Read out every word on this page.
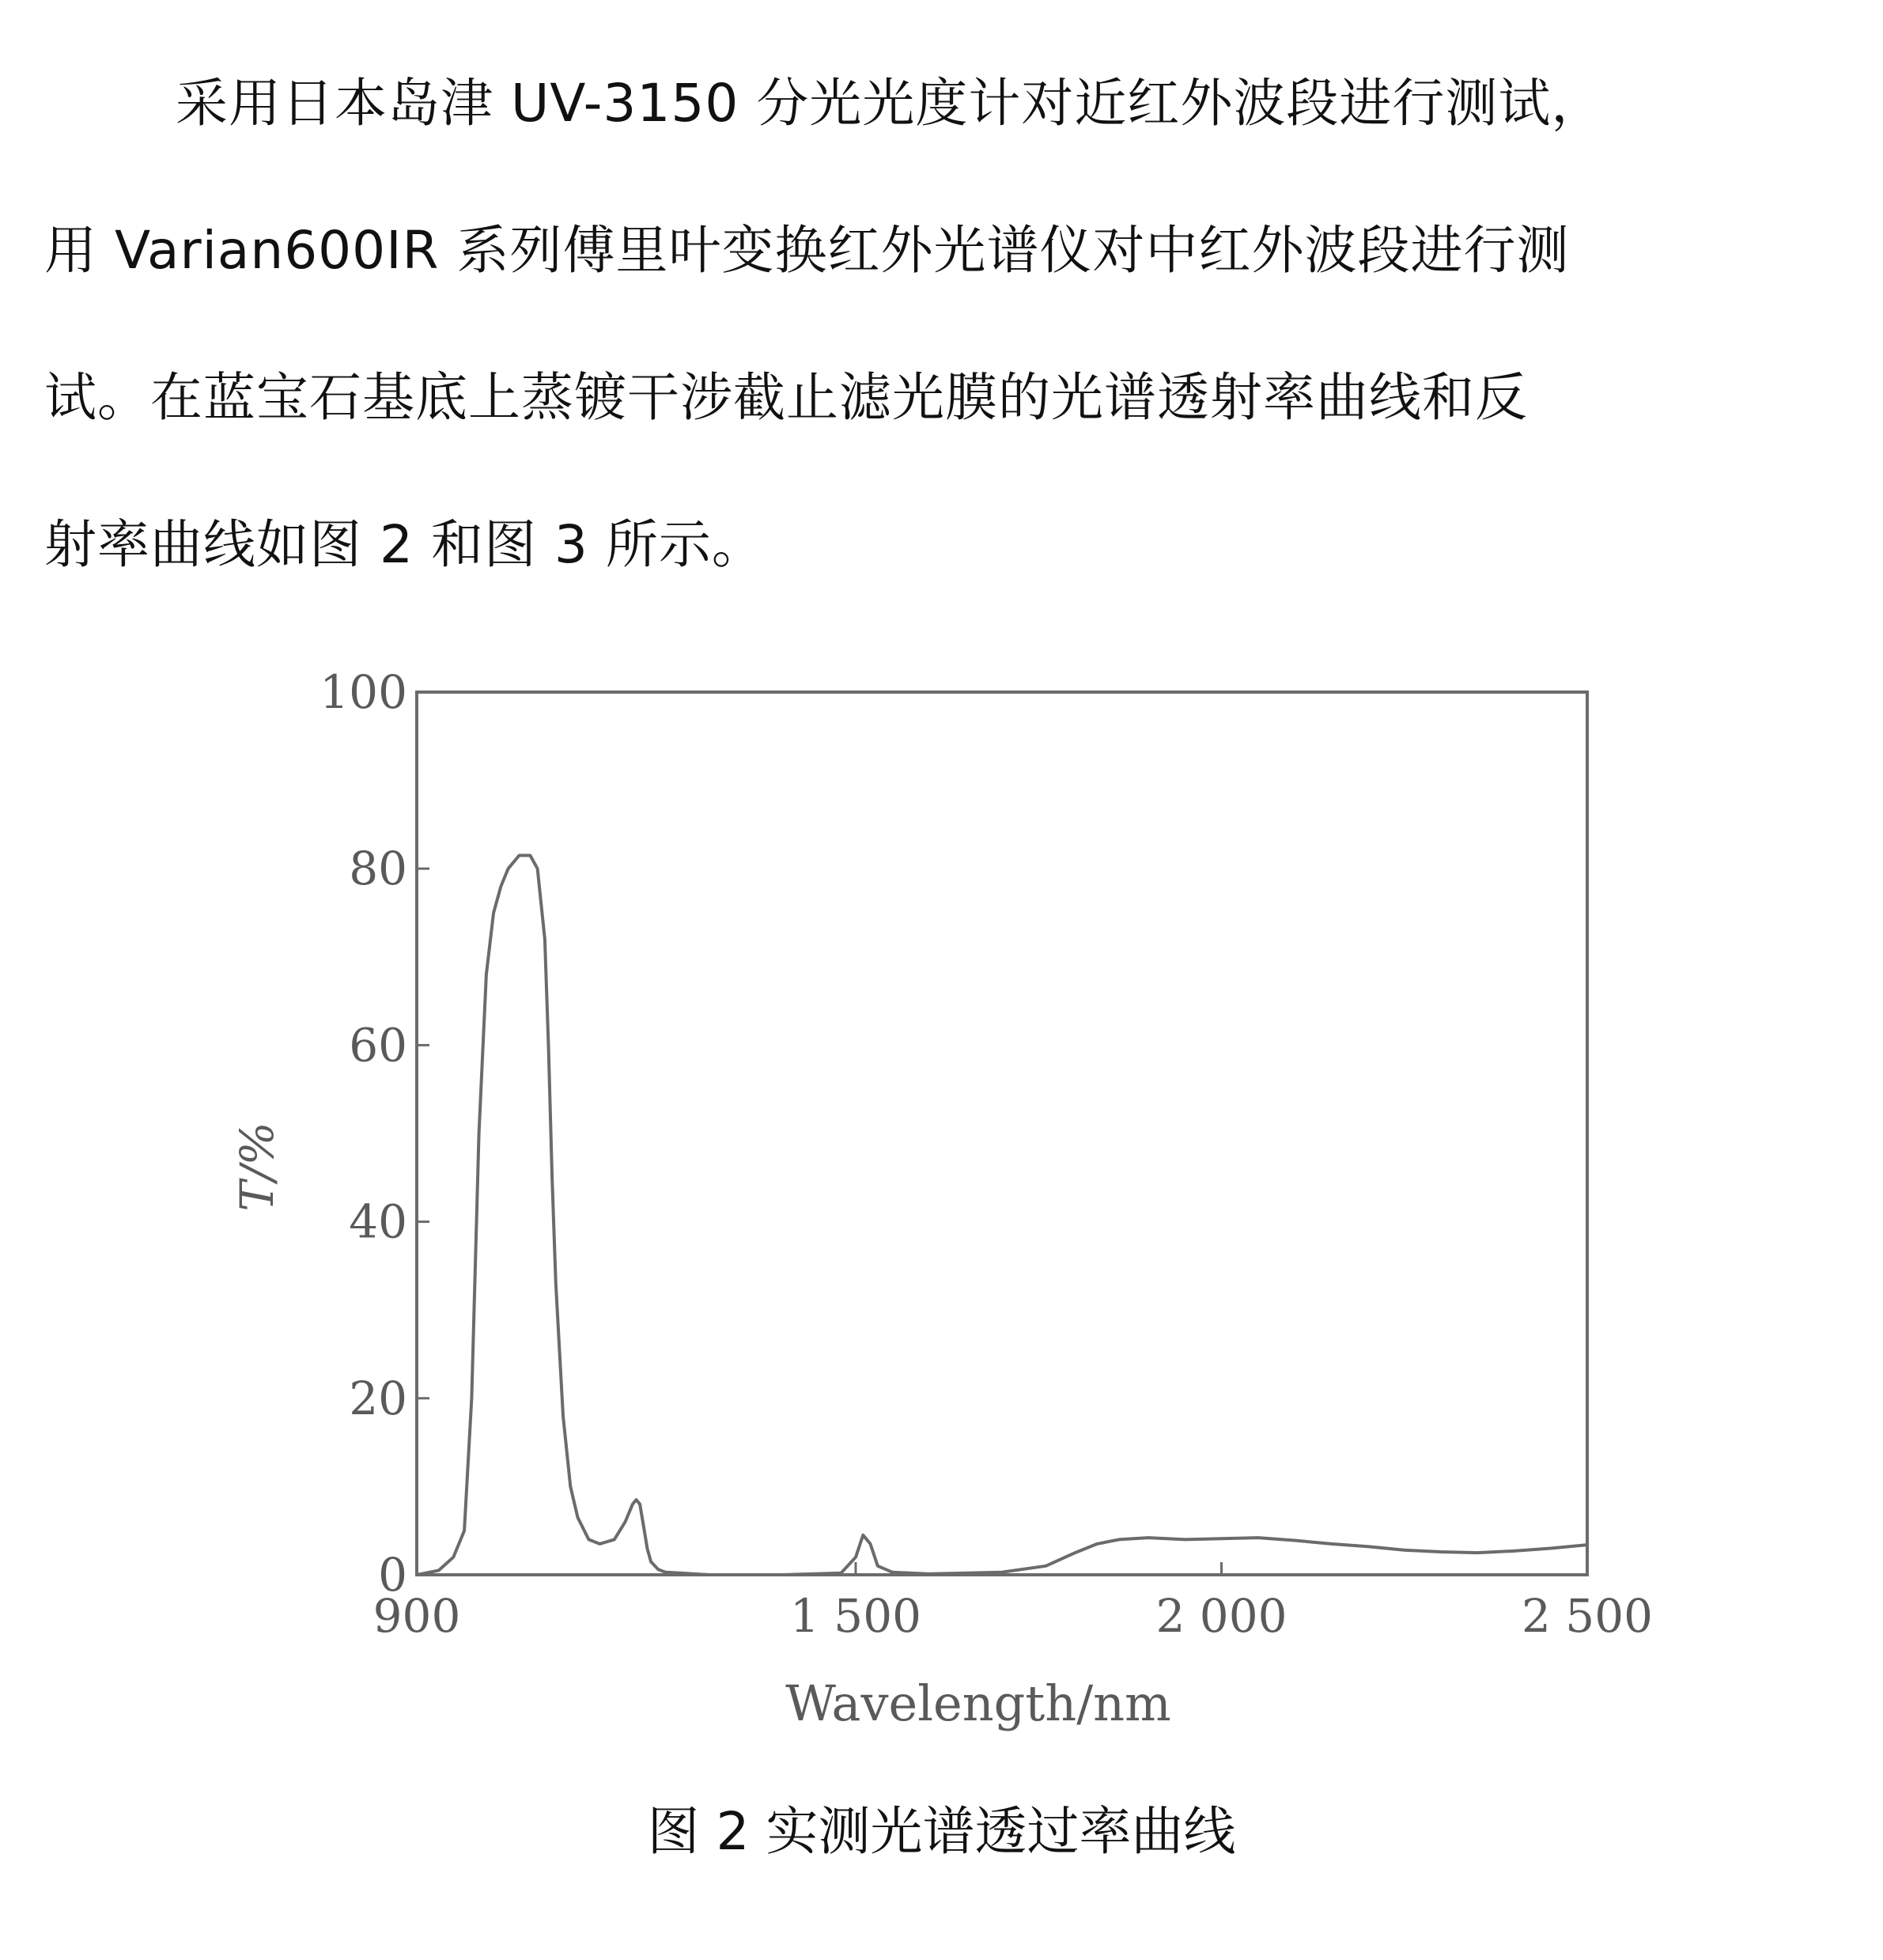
采用日本岛津 UV-3150 分光光度计对近红外波段进行测试，
用 Varian600IR 系列傅里叶变换红外光谱仪对中红外波段进行测
试。在蓝宝石基底上蒸镀干涉截止滤光膜的光谱透射率曲线和反
射率曲线如图 2 和图 3 所示。
0
20
40
60
80
100
900	1 500	2 000	2 500
Wavelength/nm
T/%
图 2 实测光谱透过率曲线
